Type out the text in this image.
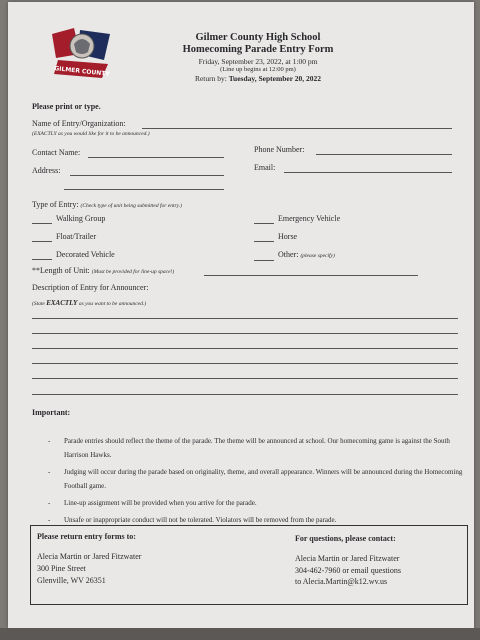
GILMER COUNTY
Gilmer County High School
Homecoming Parade Entry Form
Friday, September 23, 2022, at 1:00 pm
(Line up begins at 12:00 pm)
Return by: Tuesday, September 20, 2022
Please print or type.
Name of Entry/Organization:
(EXACTLY as you would like for it to be announced.)
Contact Name:	Phone Number:
Address:	Email:
Type of Entry: (Check type of unit being submitted for entry.)
Walking Group
Float/Trailer
Decorated Vehicle
Emergency Vehicle
Horse
Other: (please specify)
**Length of Unit: (Must be provided for line-up space!)
Description of Entry for Announcer:
(State EXACTLY as you want to be announced.)
Important:
- Parade entries should reflect the theme of the parade. The theme will be announced at school. Our homecoming game is against the South Harrison Hawks.
- Judging will occur during the parade based on originality, theme, and overall appearance. Winners will be announced during the Homecoming Football game.
- Line-up assignment will be provided when you arrive for the parade.
- Unsafe or inappropriate conduct will not be tolerated. Violators will be removed from the parade.
Please return entry forms to:
Alecia Martin or Jared Fitzwater
300 Pine Street
Glenville, WV 26351
For questions, please contact:
Alecia Martin or Jared Fitzwater
304-462-7960 or email questions
to Alecia.Martin@k12.wv.us
